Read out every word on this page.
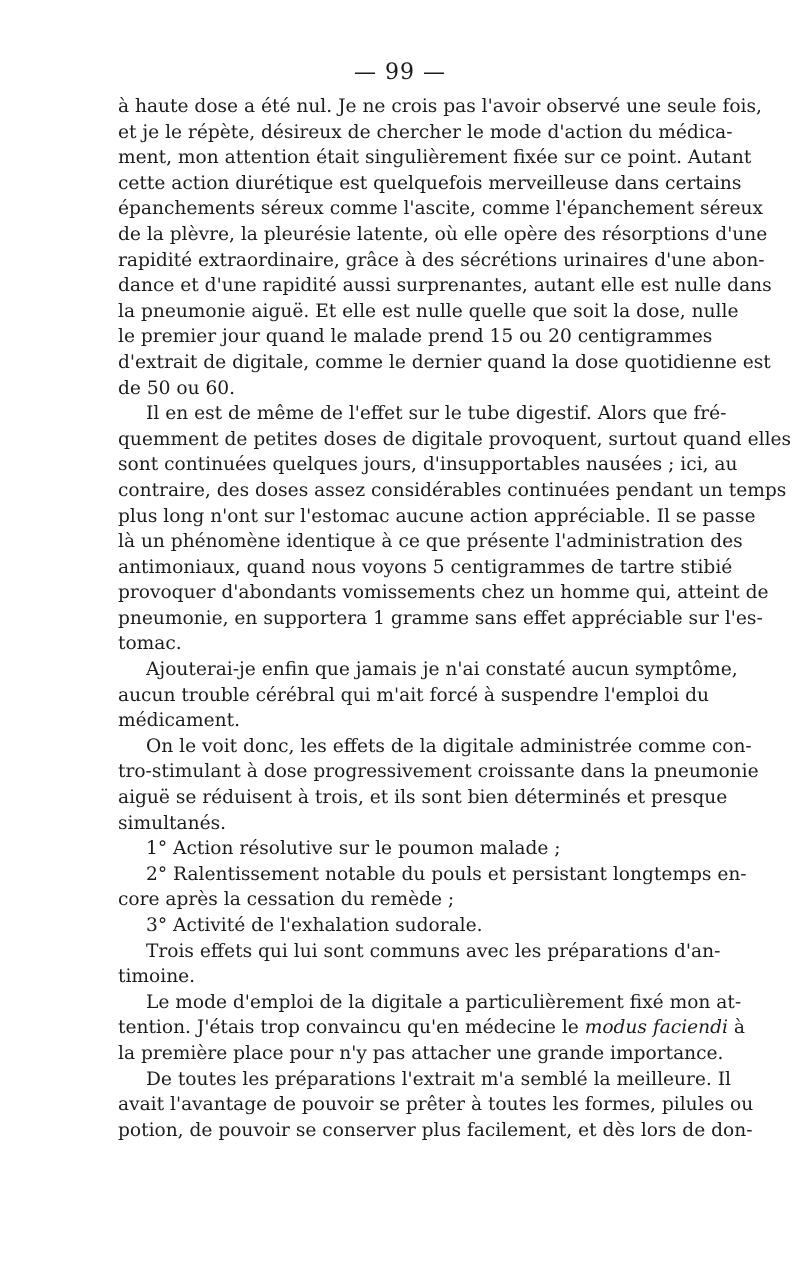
— 99 —
à haute dose a été nul. Je ne crois pas l'avoir observé une seule fois,
et je le répète, désireux de chercher le mode d'action du médica-
ment, mon attention était singulièrement fixée sur ce point. Autant
cette action diurétique est quelquefois merveilleuse dans certains
épanchements séreux comme l'ascite, comme l'épanchement séreux
de la plèvre, la pleurésie latente, où elle opère des résorptions d'une
rapidité extraordinaire, grâce à des sécrétions urinaires d'une abon-
dance et d'une rapidité aussi surprenantes, autant elle est nulle dans
la pneumonie aiguë. Et elle est nulle quelle que soit la dose, nulle
le premier jour quand le malade prend 15 ou 20 centigrammes
d'extrait de digitale, comme le dernier quand la dose quotidienne est
de 50 ou 60.
Il en est de même de l'effet sur le tube digestif. Alors que fré-
quemment de petites doses de digitale provoquent, surtout quand elles
sont continuées quelques jours, d'insupportables nausées ; ici, au
contraire, des doses assez considérables continuées pendant un temps
plus long n'ont sur l'estomac aucune action appréciable. Il se passe
là un phénomène identique à ce que présente l'administration des
antimoniaux, quand nous voyons 5 centigrammes de tartre stibié
provoquer d'abondants vomissements chez un homme qui, atteint de
pneumonie, en supportera 1 gramme sans effet appréciable sur l'es-
tomac.
Ajouterai-je enfin que jamais je n'ai constaté aucun symptôme,
aucun trouble cérébral qui m'ait forcé à suspendre l'emploi du
médicament.
On le voit donc, les effets de la digitale administrée comme con-
tro-stimulant à dose progressivement croissante dans la pneumonie
aiguë se réduisent à trois, et ils sont bien déterminés et presque
simultanés.
1° Action résolutive sur le poumon malade ;
2° Ralentissement notable du pouls et persistant longtemps en-
core après la cessation du remède ;
3° Activité de l'exhalation sudorale.
Trois effets qui lui sont communs avec les préparations d'an-
timoine.
Le mode d'emploi de la digitale a particulièrement fixé mon at-
tention. J'étais trop convaincu qu'en médecine le modus faciendi à
la première place pour n'y pas attacher une grande importance.
De toutes les préparations l'extrait m'a semblé la meilleure. Il
avait l'avantage de pouvoir se prêter à toutes les formes, pilules ou
potion, de pouvoir se conserver plus facilement, et dès lors de don-
